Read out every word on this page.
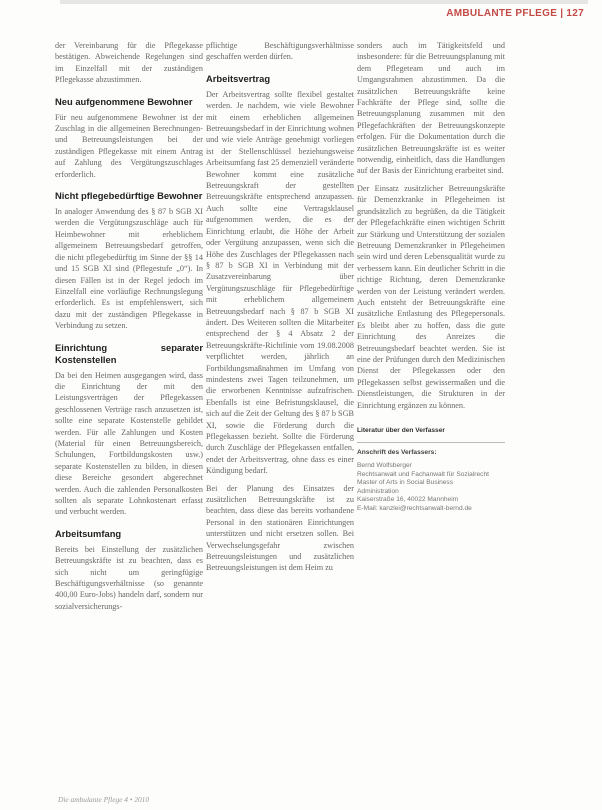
AMBULANTE PFLEGE | 127

der Vereinbarung für die Pflegekasse bestätigen. Abweichende Regelungen sind im Einzelfall mit der zuständigen Pflegekasse abzustimmen.

Neu aufgenommene Bewohner

Für neu aufgenommene Bewohner ist der Zuschlag in die allgemeinen Berechnungen- und Betreuungsleistungen bei der zuständigen Pflegekasse mit einem Antrag auf Zahlung des Vergütungszuschlages erforderlich.

Nicht pflegebedürftige Bewohner

In analoger Anwendung des § 87 b SGB XI werden die Vergütungszuschläge auch für Heimbewohner mit erheblichem allgemeinem Betreuungsbedarf getroffen, die nicht pflegebedürftig im Sinne der §§ 14 und 15 SGB XI sind (Pflegestufe „0“). In diesen Fällen ist in der Regel jedoch im Einzelfall eine vorläufige Rechnungslegung erforderlich. Es ist empfehlenswert, sich dazu mit der zuständigen Pflegekasse in Verbindung zu setzen.

Einrichtung separater Kostenstellen

Da bei den Heimen ausgegangen wird, dass die Einrichtung der mit den Leistungsverträgen der Pflegekassen geschlossenen Verträge rasch anzusetzen ist, sollte eine separate Kostenstelle gebildet werden. Für alle Zahlungen und Kosten (Material für einen Betreuungsbereich, Schulungen, Fortbildungskosten usw.) separate Kostenstellen zu bilden, in diesen diese Bereiche gesondert abgerechnet werden. Auch die zahlenden Personalkosten sollten als separate Lohnkostenart erfasst und verbucht werden.

Arbeitsumfang

Bereits bei Einstellung der zusätzlichen Betreuungskräfte ist zu beachten, dass es sich nicht um geringfügige Beschäftigungsverhältnisse (so genannte 400,00 Euro-Jobs) handeln darf, sondern nur sozialversicherungs-

pflichtige Beschäftigungsverhältnisse geschaffen werden dürfen.

Arbeitsvertrag

Der Arbeitsvertrag sollte flexibel gestaltet werden. Je nachdem, wie viele Bewohner mit einem erheblichen allgemeinen Betreuungsbedarf in der Einrichtung wohnen und wie viele Anträge genehmigt vorliegen ist der Stellenschlüssel beziehungsweise Arbeitsumfang fast 25 demenziell veränderte Bewohner kommt eine zusätzliche Betreuungskraft der gestellten Betreuungskräfte entsprechend anzupassen. Auch sollte eine Vertragsklausel aufgenommen werden, die es der Einrichtung erlaubt, die Höhe der Arbeit oder Vergütung anzupassen, wenn sich die Höhe des Zuschlages der Pflegekassen nach § 87 b SGB XI in Verbindung mit der Zusatzvereinbarung über Vergütungszuschläge für Pflegebedürftige mit erheblichem allgemeinem Betreuungsbedarf nach § 87 b SGB XI ändert. Des Weiteren sollten die Mitarbeiter entsprechend der § 4 Absatz 2 der Betreuungskräfte-Richtlinie vom 19.08.2008 verpflichtet werden, jährlich an Fortbildungsmaßnahmen im Umfang von mindestens zwei Tagen teilzunehmen, um die erworbenen Kenntnisse aufzufrischen. Ebenfalls ist eine Befristungsklausel, die sich auf die Zeit der Geltung des § 87 b SGB XI, sowie die Förderung durch die Pflegekassen bezieht. Sollte die Förderung durch Zuschläge der Pflegekassen entfallen, endet der Arbeitsvertrag, ohne dass es einer Kündigung bedarf.

Bei der Planung des Einsatzes der zusätzlichen Betreuungskräfte ist zu beachten, dass diese das bereits vorhandene Personal in den stationären Einrichtungen unterstützen und nicht ersetzen sollen. Bei Verwechselungsgefahr zwischen Betreuungsleistungen und zusätzlichen Betreuungsleistungen ist dem Heim zu

sonders auch im Tätigkeitsfeld und insbesondere: für die Betreuungsplanung mit dem Pflegeteam und auch im Umgangsrahmen abzustimmen. Da die zusätzlichen Betreuungskräfte keine Fachkräfte der Pflege sind, sollte die Betreuungsplanung zusammen mit den Pflegefachkräften der Betreuungskonzepte erfolgen. Für die Dokumentation durch die zusätzlichen Betreuungskräfte ist es weiter notwendig, einheitlich, dass die Handlungen auf der Basis der Einrichtung erarbeitet sind.

Der Einsatz zusätzlicher Betreuungskräfte für Demenzkranke in Pflegeheimen ist grundsätzlich zu begrüßen, da die Tätigkeit der Pflegefachkräfte einen wichtigen Schritt zur Stärkung und Unterstützung der sozialen Betreuung Demenzkranker in Pflegeheimen sein wird und deren Lebensqualität wurde zu verbessern kann. Ein deutlicher Schritt in die richtige Richtung, deren Demenzkranke werden von der Leistung verändert werden. Auch entsteht der Betreuungskräfte eine zusätzliche Entlastung des Pflegepersonals. Es bleibt aber zu hoffen, dass die gute Einrichtung des Anreizes die Betreuungsbedarf beachtet werden. Sie ist eine der Prüfungen durch den Medizinischen Dienst der Pflegekassen oder den Pflegekassen selbst gewissermaßen und die Dienstleistungen, die Strukturen in der Einrichtung ergänzen zu können.

Literatur über den Verfasser
Anschrift des Verfassers:
Bernd Wolfsberger
Rechtsanwalt und Fachanwalt für Sozialrecht
Master of Arts in Social Business
Administration
Kaiserstraße 16, 40022 Mannheim
E-Mail: kanzlei@rechtsanwalt-bernd.de
Die ambulante Pflege 4 • 2010
